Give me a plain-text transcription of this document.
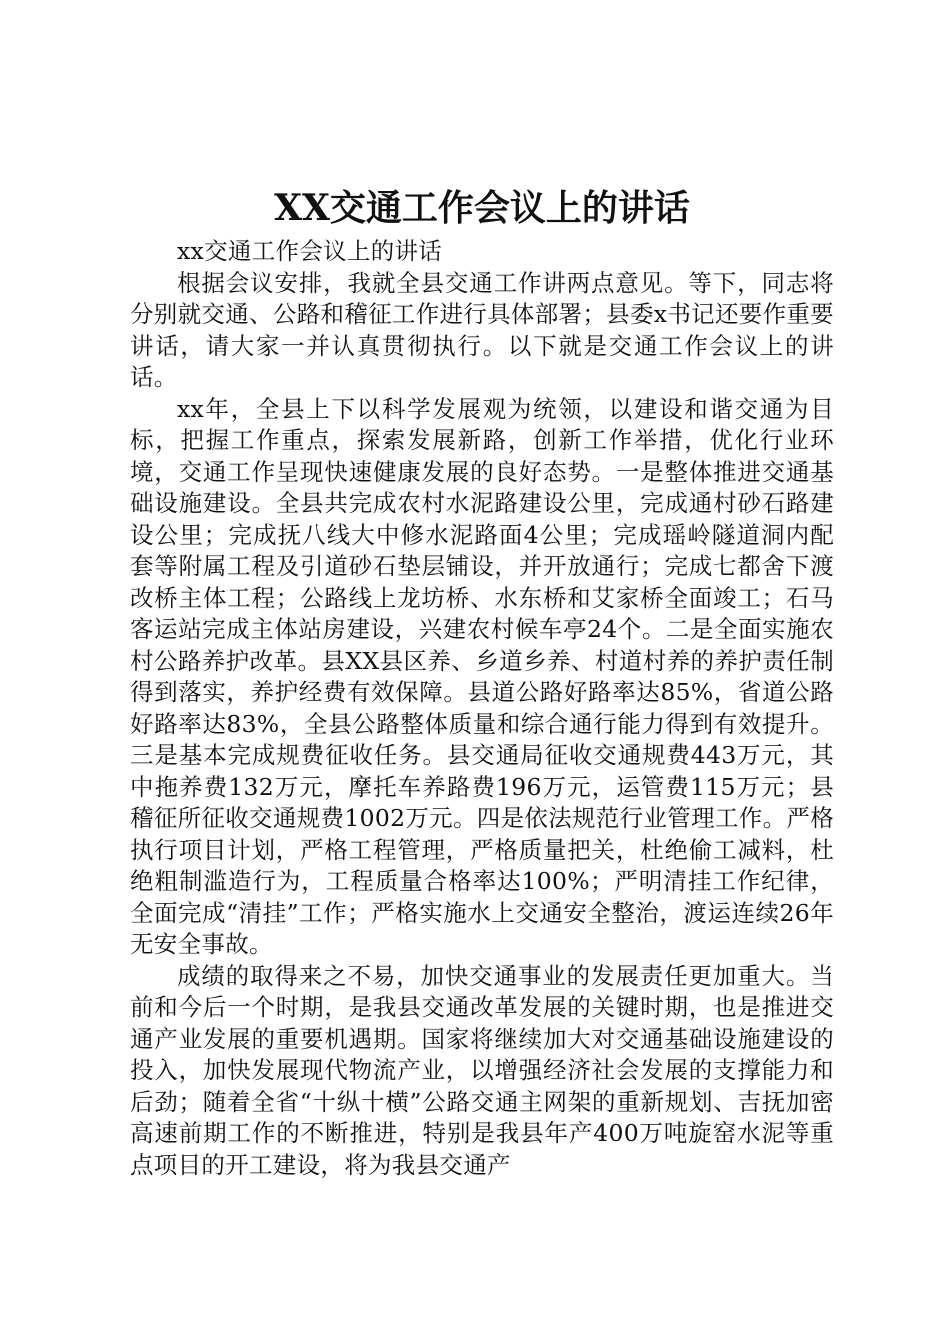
XX交通工作会议上的讲话

xx交通工作会议上的讲话

根据会议安排，我就全县交通工作讲两点意见。等下，同志将分别就交通、公路和稽征工作进行具体部署；县委x书记还要作重要讲话，请大家一并认真贯彻执行。以下就是交通工作会议上的讲话。

xx年，全县上下以科学发展观为统领，以建设和谐交通为目标，把握工作重点，探索发展新路，创新工作举措，优化行业环境，交通工作呈现快速健康发展的良好态势。一是整体推进交通基础设施建设。全县共完成农村水泥路建设公里，完成通村砂石路建设公里；完成抚八线大中修水泥路面4公里；完成瑶岭隧道洞内配套等附属工程及引道砂石垫层铺设，并开放通行；完成七都舍下渡改桥主体工程；公路线上龙坊桥、水东桥和艾家桥全面竣工；石马客运站完成主体站房建设，兴建农村候车亭24个。二是全面实施农村公路养护改革。县XX县区养、乡道乡养、村道村养的养护责任制得到落实，养护经费有效保障。县道公路好路率达85%，省道公路好路率达83%，全县公路整体质量和综合通行能力得到有效提升。三是基本完成规费征收任务。县交通局征收交通规费443万元，其中拖养费132万元，摩托车养路费196万元，运管费115万元；县稽征所征收交通规费1002万元。四是依法规范行业管理工作。严格执行项目计划，严格工程管理，严格质量把关，杜绝偷工减料，杜绝粗制滥造行为，工程质量合格率达100%；严明清挂工作纪律，全面完成“清挂”工作；严格实施水上交通安全整治，渡运连续26年无安全事故。

成绩的取得来之不易，加快交通事业的发展责任更加重大。当前和今后一个时期，是我县交通改革发展的关键时期，也是推进交通产业发展的重要机遇期。国家将继续加大对交通基础设施建设的投入，加快发展现代物流产业，以增强经济社会发展的支撑能力和后劲；随着全省“十纵十横”公路交通主网架的重新规划、吉抚加密高速前期工作的不断推进，特别是我县年产400万吨旋窑水泥等重点项目的开工建设，将为我县交通产
